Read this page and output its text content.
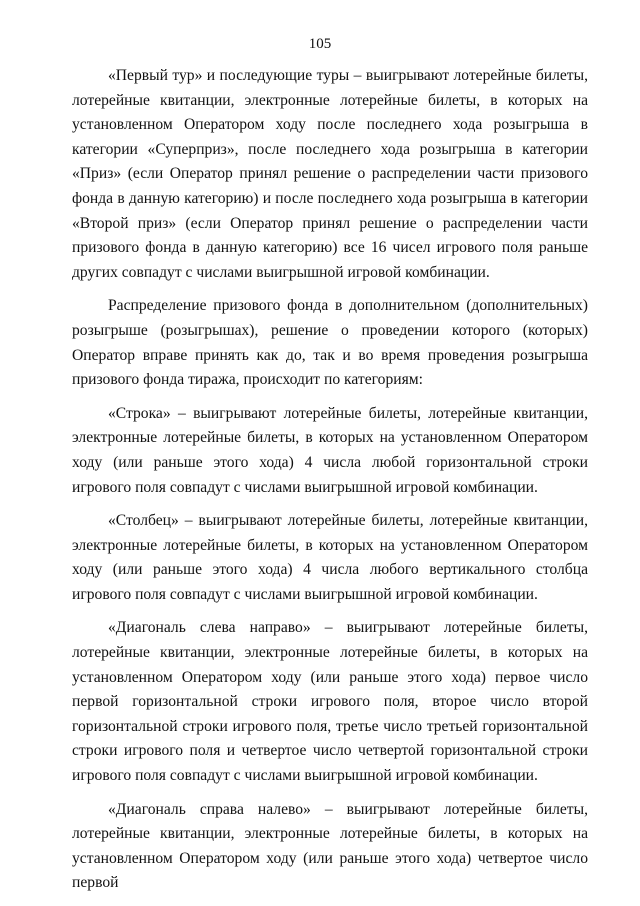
105

«Первый тур» и последующие туры – выигрывают лотерейные билеты, лотерейные квитанции, электронные лотерейные билеты, в которых на установленном Оператором ходу после последнего хода розыгрыша в категории «Суперприз», после последнего хода розыгрыша в категории «Приз» (если Оператор принял решение о распределении части призового фонда в данную категорию) и после последнего хода розыгрыша в категории «Второй приз» (если Оператор принял решение о распределении части призового фонда в данную категорию) все 16 чисел игрового поля раньше других совпадут с числами выигрышной игровой комбинации.

Распределение призового фонда в дополнительном (дополнительных) розыгрыше (розыгрышах), решение о проведении которого (которых) Оператор вправе принять как до, так и во время проведения розыгрыша призового фонда тиража, происходит по категориям:

«Строка» – выигрывают лотерейные билеты, лотерейные квитанции, электронные лотерейные билеты, в которых на установленном Оператором ходу (или раньше этого хода) 4 числа любой горизонтальной строки игрового поля совпадут с числами выигрышной игровой комбинации.

«Столбец» – выигрывают лотерейные билеты, лотерейные квитанции, электронные лотерейные билеты, в которых на установленном Оператором ходу (или раньше этого хода) 4 числа любого вертикального столбца игрового поля совпадут с числами выигрышной игровой комбинации.

«Диагональ слева направо» – выигрывают лотерейные билеты, лотерейные квитанции, электронные лотерейные билеты, в которых на установленном Оператором ходу (или раньше этого хода) первое число первой горизонтальной строки игрового поля, второе число второй горизонтальной строки игрового поля, третье число третьей горизонтальной строки игрового поля и четвертое число четвертой горизонтальной строки игрового поля совпадут с числами выигрышной игровой комбинации.

«Диагональ справа налево» – выигрывают лотерейные билеты, лотерейные квитанции, электронные лотерейные билеты, в которых на установленном Оператором ходу (или раньше этого хода) четвертое число первой
